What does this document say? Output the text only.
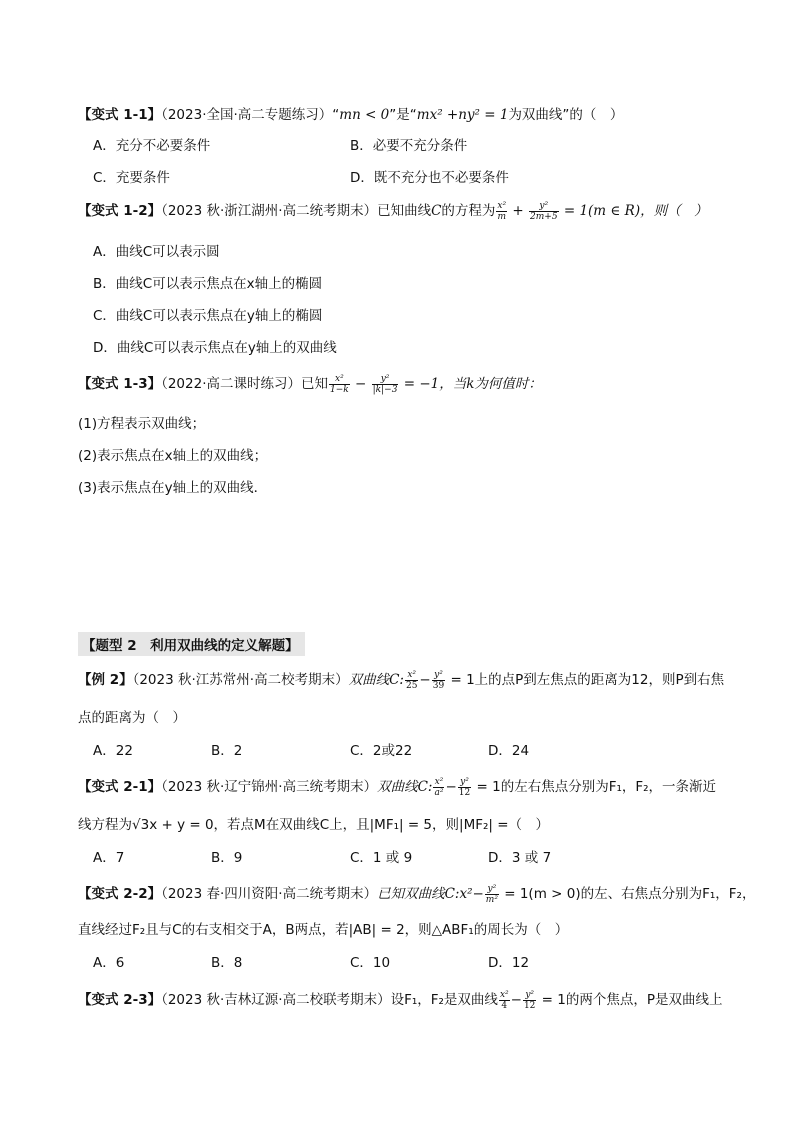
【变式 1-1】（2023·全国·高二专题练习）“mn < 0”是“mx² +ny² = 1为双曲线”的（　）
A．充分不必要条件	B．必要不充分条件
C．充要条件	D．既不充分也不必要条件
【变式 1-2】（2023 秋·浙江湖州·高二统考期末）已知曲线C的方程为 $\frac{\text{x²}}{m} + \frac{\text{y²}}{2m+5} = 1(m$ ∈ R)，则（　）
A．曲线C可以表示圆
B．曲线C可以表示焦点在x轴上的椭圆
C．曲线C可以表示焦点在y轴上的椭圆
D．曲线C可以表示焦点在y轴上的双曲线
【变式 1-3】（2022·高二课时练习）已知 $\frac{\text{x²}}{1-k} - \frac{\text{y²}}{|k|-3} = -1$，当k为何值时：
(1)方程表示双曲线；
(2)表示焦点在x轴上的双曲线；
(3)表示焦点在y轴上的双曲线．
【题型 2　利用双曲线的定义解题】
【例 2】（2023 秋·江苏常州·高二校考期末）双曲线C: $\frac{\text{x²}}{25} - \frac{\text{y²}}{39} = 1$上的点P到左焦点的距离为12，则P到右焦
点的距离为（　）
A．22	B．2	C．2或22	D．24
【变式 2-1】（2023 秋·辽宁锦州·高三统考期末）双曲线C: $\frac{\text{x²}}{\text{a²}} - \frac{\text{y²}}{12} = 1$的左右焦点分别为F₁，F₂，一条渐近
线方程为√3x + y = 0，若点M在双曲线C上，且|MF₁| = 5，则|MF₂| =（　）
A．7	B．9	C．1 或 9	D．3 或 7
【变式 2-2】（2023 春·四川资阳·高二统考期末）已知双曲线C:x²− $\frac{\text{y²}}{\text{m²}} = 1(m > 0)$的左、右焦点分别为F₁，F₂，
直线经过F₂且与C的右支相交于A，B两点，若|AB| = 2，则△ABF₁的周长为（　）
A．6	B．8	C．10	D．12
【变式 2-3】（2023 秋·吉林辽源·高二校联考期末）设F₁，F₂是双曲线 $\frac{\text{x²}}{4} - \frac{\text{y²}}{12} = 1$的两个焦点，P是双曲线上
